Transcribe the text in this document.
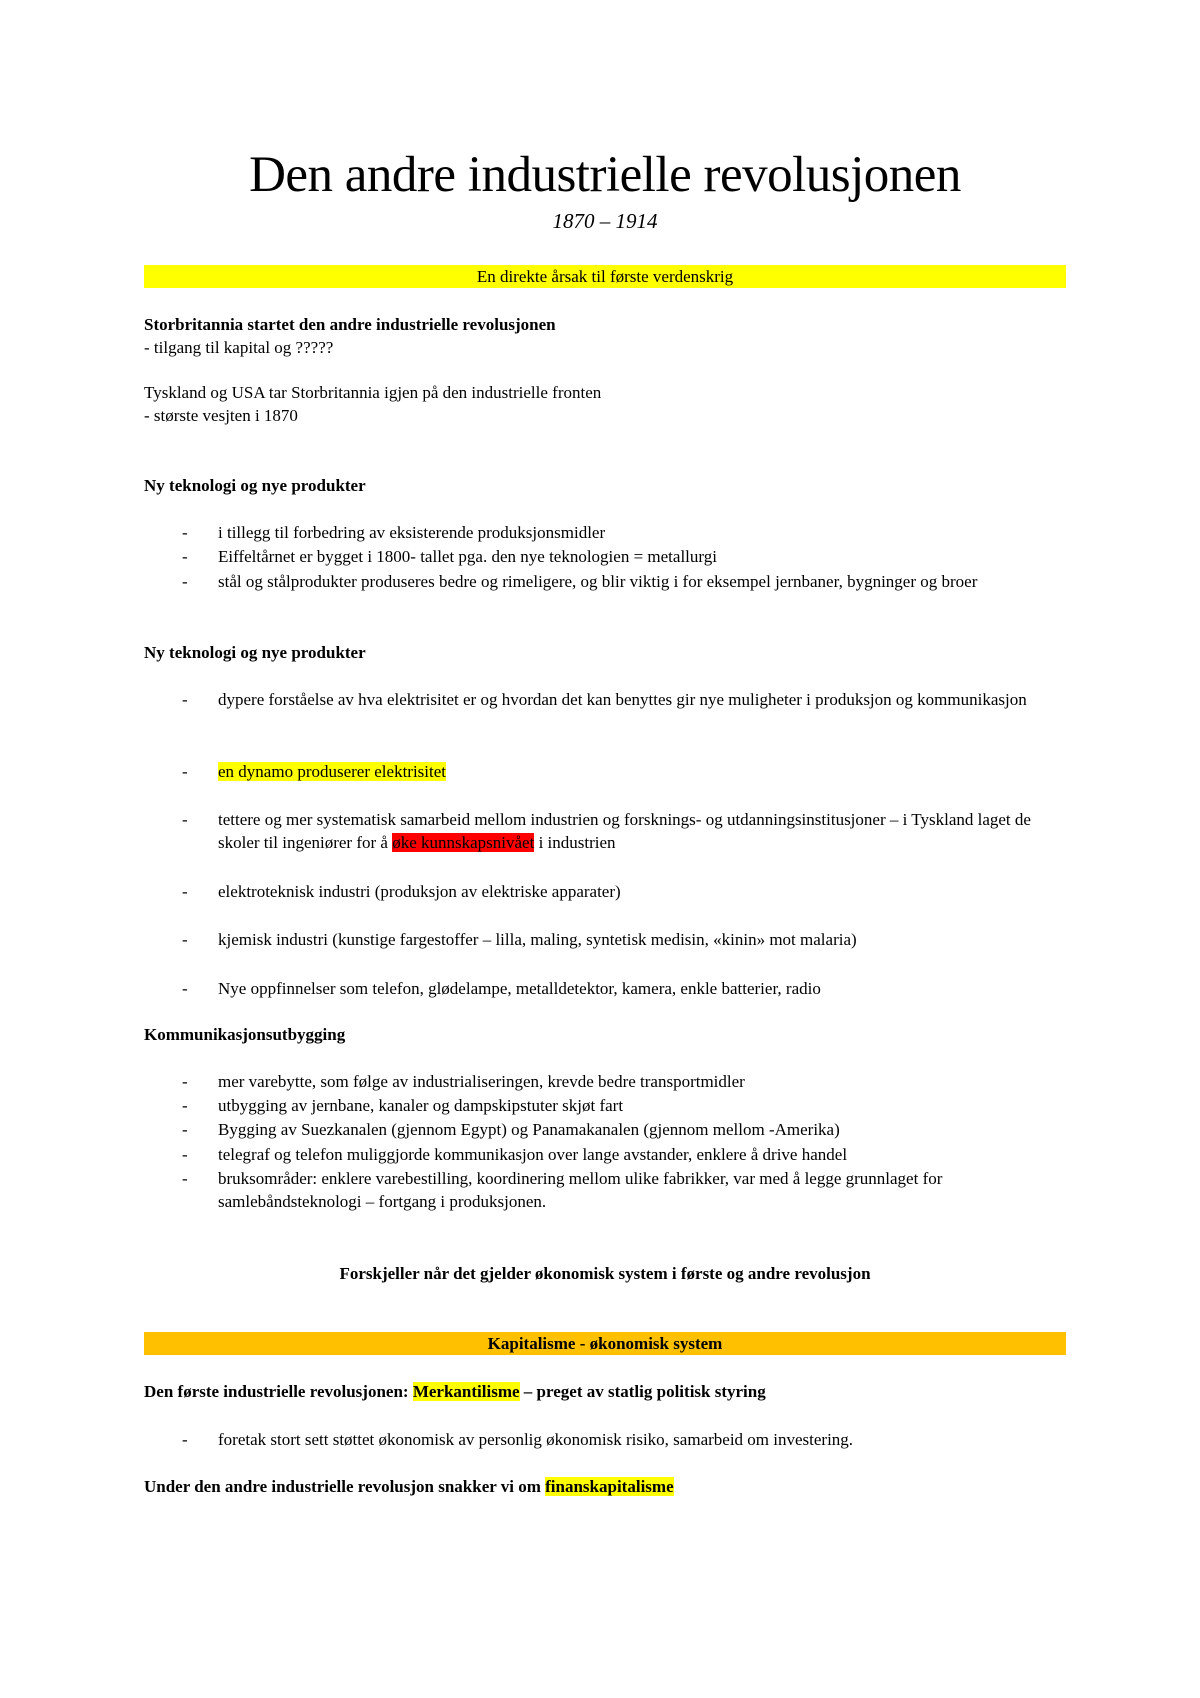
Den andre industrielle revolusjonen
1870 – 1914
En direkte årsak til første verdenskrig
Storbritannia startet den andre industrielle revolusjonen
- tilgang til kapital og ?????
Tyskland og USA tar Storbritannia igjen på den industrielle fronten
- største vesjten i 1870
Ny teknologi og nye produkter
- i tillegg til forbedring av eksisterende produksjonsmidler
- Eiffeltårnet er bygget i 1800- tallet pga. den nye teknologien = metallurgi
- stål og stålprodukter produseres bedre og rimeligere, og blir viktig i for eksempel jernbaner, bygninger og broer
Ny teknologi og nye produkter
- dypere forståelse av hva elektrisitet er og hvordan det kan benyttes gir nye muligheter i produksjon og kommunikasjon
- en dynamo produserer elektrisitet
- tettere og mer systematisk samarbeid mellom industrien og forsknings- og utdanningsinstitusjoner – i Tyskland laget de skoler til ingeniører for å øke kunnskapsnivået i industrien
- elektroteknisk industri (produksjon av elektriske apparater)
- kjemisk industri (kunstige fargestoffer – lilla, maling, syntetisk medisin, «kinin» mot malaria)
- Nye oppfinnelser som telefon, glødelampe, metalldetektor, kamera, enkle batterier, radio
Kommunikasjonsutbygging
- mer varebytte, som følge av industrialiseringen, krevde bedre transportmidler
- utbygging av jernbane, kanaler og dampskipstuter skjøt fart
- Bygging av Suezkanalen (gjennom Egypt) og Panamakanalen (gjennom mellom -Amerika)
- telegraf og telefon muliggjorde kommunikasjon over lange avstander, enklere å drive handel
- bruksområder: enklere varebestilling, koordinering mellom ulike fabrikker, var med å legge grunnlaget for samlebåndsteknologi – fortgang i produksjonen.
Forskjeller når det gjelder økonomisk system i første og andre revolusjon
Kapitalisme - økonomisk system
Den første industrielle revolusjonen: Merkantilisme – preget av statlig politisk styring
- foretak stort sett støttet økonomisk av personlig økonomisk risiko, samarbeid om investering.
Under den andre industrielle revolusjon snakker vi om finanskapitalisme
